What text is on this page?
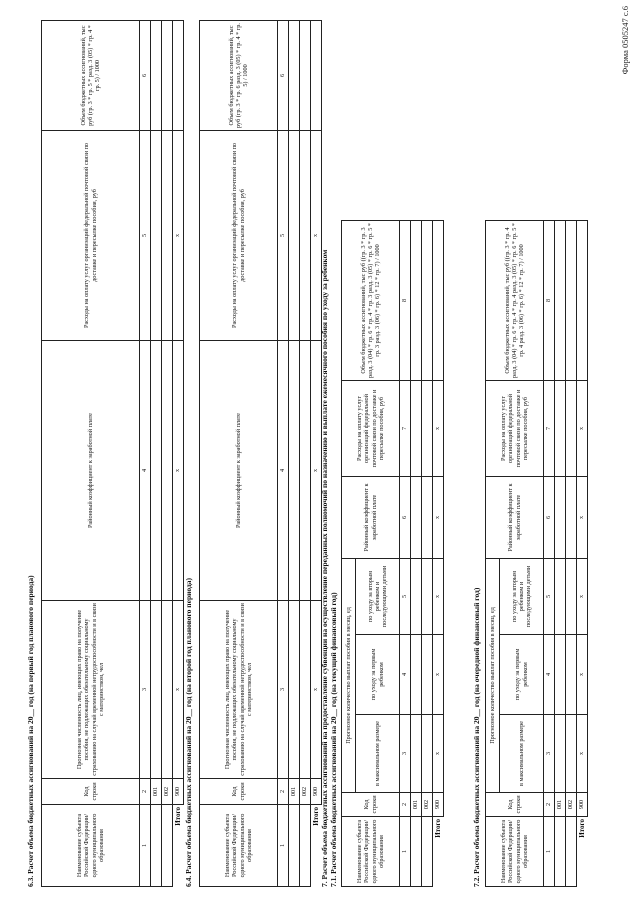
Форма 0505247 с.6
6.3. Расчет объема бюджетных ассигнований на 20__ год (на первый год планового периода)	Наименование субъекта Российской Федерации/одного муниципального образования	Код строки	Прогнозная численность лиц, имеющих право на получение пособия, не подлежащих обязательному социальному страхованию на случай временной нетрудоспособности и в связи с материнством, чел	Районный коэффициент к заработной плате	Расходы на оплату услуг организаций федеральной почтовой связи по доставке и пересылке пособия, руб	Объем бюджетных ассигнований, тыс руб (гр. 3 * гр. 5 * разд. 3 (05) * гр. 4 * гр. 5) / 1000
1	2	3	4	5	6
	001				
	002				
Итого	900	x	x	x	
6.4. Расчет объема бюджетных ассигнований на 20__ год (на второй год планового периода)	Наименование субъекта Российской Федерации/одного муниципального образования	Код строки	Прогнозная численность лиц, имеющих право на получение пособия, не подлежащих обязательному социальному страхованию на случай временной нетрудоспособности и в связи с материнством, чел	Районный коэффициент к заработной плате	Расходы на оплату услуг организаций федеральной почтовой связи по доставке и пересылке пособия, руб	Объем бюджетных ассигнований, тыс руб (гр. 3 * гр. 6 разд. 3 (05) * гр. 4 * гр. 5) / 1000
1	2	3	4	5	6
	001				
	002				
Итого	900	x	x	x	
7. Расчет объема бюджетных ассигнований на предоставление субвенции на осуществление переданных полномочий по назначению и выплате ежемесячного пособия по уходу за ребенком 7.1. Расчет объема бюджетных ассигнований на 20__ год (на текущий финансовый год)	Наименование субъекта Российской Федерации/одного муниципального образования	Код строки	Прогнозное количество выплат пособия в месяц, ед			Районный коэффициент к заработной плате	Расходы на оплату услуг организаций федеральной почтовой связи по доставке и пересылке пособия, руб	Объем бюджетных ассигнований, тыс руб ((гр. 3 * гр. 3 разд. 3 (04) * гр. 6 * гр. 4 * гр. 3 разд. 3 (05) * гр. 6 * гр. 5 * гр. 3 разд. 3 (06) * гр. 6) * 12 * гр. 7) / 1000
		в максимальном размере	по уходу за первым ребенком	по уходу за вторым ребенком и последующими детьми			
1	2	3	4	5	6	7	8
	001						
	002						
Итого	900	x	x	x	x	x	
7.2. Расчет объема бюджетных ассигнований на 20__ год (на очередной финансовый год)	Наименование субъекта Российской Федерации/одного муниципального образования	Код строки	Прогнозное количество выплат пособия в месяц, ед			Районный коэффициент к заработной плате	Расходы на оплату услуг организаций федеральной почтовой связи по доставке и пересылке пособия, руб	Объем бюджетных ассигнований, тыс руб ((гр. 3 * гр. 4 разд. 3 (04) * гр. 6 * гр. 4 * гр. 4 разд. 3 (05) * гр. 6 * гр. 5 * гр. 4 разд. 3 (06) * гр. 6) * 12 * гр. 7) / 1000
		в максимальном размере	по уходу за первым ребенком	по уходу за вторым ребенком и последующими детьми			
1	2	3	4	5	6	7	8
	001						
	002						
Итого	900	x	x	x	x	x	
